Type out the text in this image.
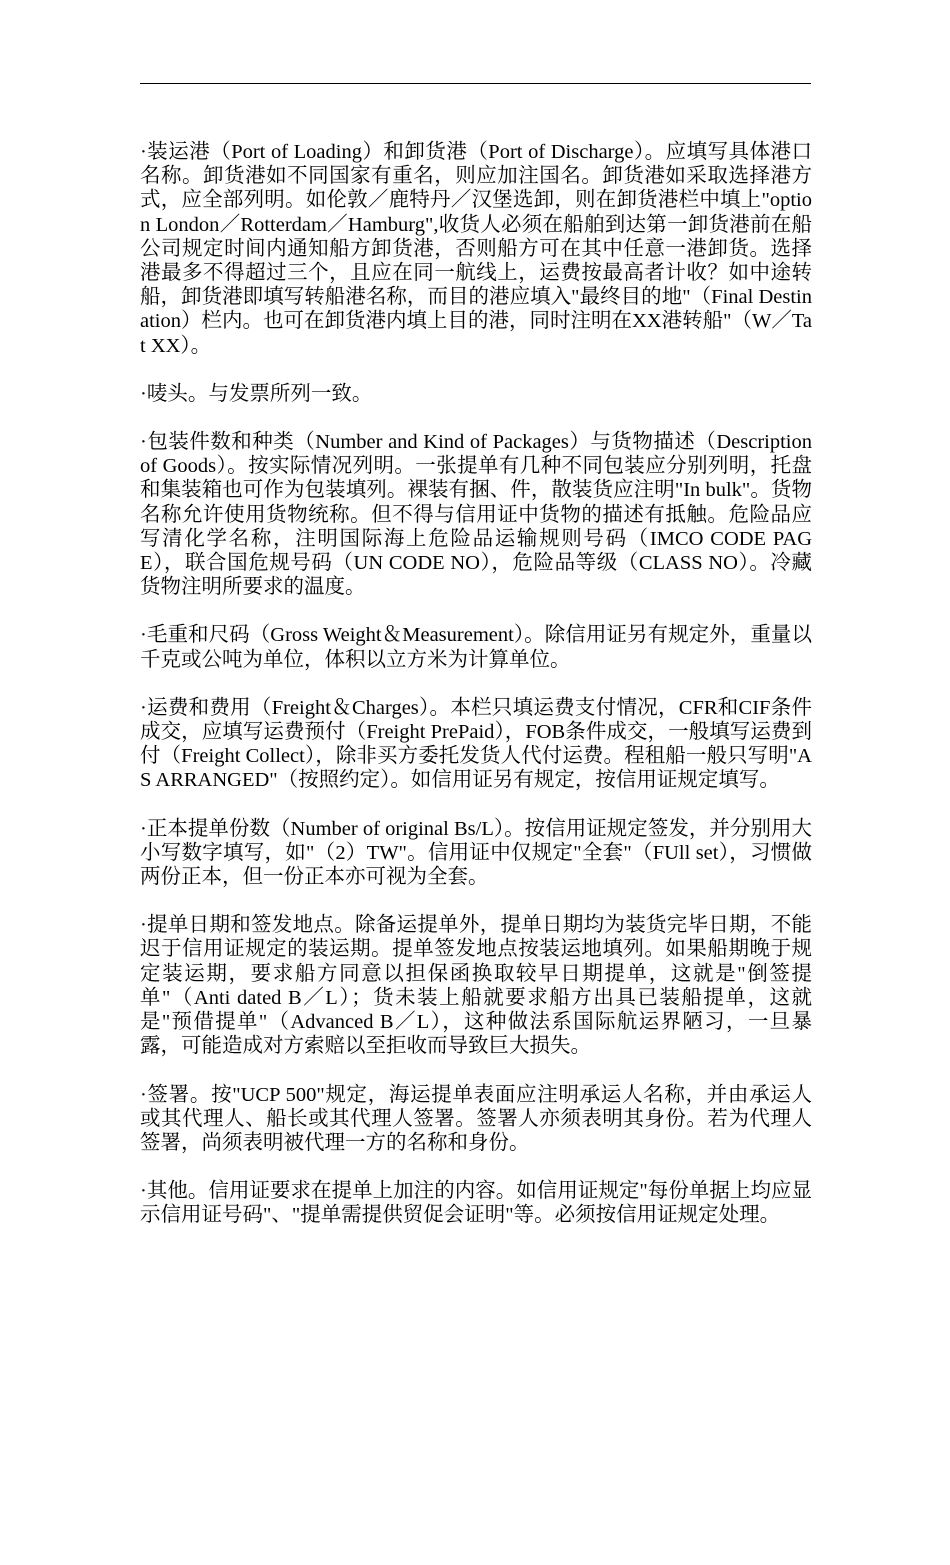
·装运港（Port of Loading）和卸货港（Port of Discharge）。应填写具体港口名称。卸货港如不同国家有重名，则应加注国名。卸货港如采取选择港方式，应全部列明。如伦敦／鹿特丹／汉堡选卸，则在卸货港栏中填上"option London／Rotterdam／Hamburg",收货人必须在船舶到达第一卸货港前在船公司规定时间内通知船方卸货港，否则船方可在其中任意一港卸货。选择港最多不得超过三个，且应在同一航线上，运费按最高者计收？如中途转船，卸货港即填写转船港名称，而目的港应填入"最终目的地"（Final Destination）栏内。也可在卸货港内填上目的港，同时注明在XX港转船"（W／Tat XX）。

·唛头。与发票所列一致。

·包装件数和种类（Number and Kind of Packages）与货物描述（Description of Goods）。按实际情况列明。一张提单有几种不同包装应分别列明，托盘和集装箱也可作为包装填列。裸装有捆、件，散装货应注明"In bulk"。货物名称允许使用货物统称。但不得与信用证中货物的描述有抵触。危险品应写清化学名称，注明国际海上危险品运输规则号码（IMCO CODE PAGE），联合国危规号码（UN CODE NO），危险品等级（CLASS NO）。冷藏货物注明所要求的温度。

·毛重和尺码（Gross Weight＆Measurement）。除信用证另有规定外，重量以千克或公吨为单位，体积以立方米为计算单位。

·运费和费用（Freight＆Charges）。本栏只填运费支付情况，CFR和CIF条件成交，应填写运费预付（Freight PrePaid），FOB条件成交，一般填写运费到付（Freight Collect），除非买方委托发货人代付运费。程租船一般只写明"AS ARRANGED"（按照约定）。如信用证另有规定，按信用证规定填写。

·正本提单份数（Number of original Bs/L）。按信用证规定签发，并分别用大小写数字填写，如"（2）TW"。信用证中仅规定"全套"（FUll set），习惯做两份正本，但一份正本亦可视为全套。

·提单日期和签发地点。除备运提单外，提单日期均为装货完毕日期，不能迟于信用证规定的装运期。提单签发地点按装运地填列。如果船期晚于规定装运期，要求船方同意以担保函换取较早日期提单，这就是"倒签提单"（Anti dated B／L）；货未装上船就要求船方出具已装船提单，这就是"预借提单"（Advanced B／L），这种做法系国际航运界陋习，一旦暴露，可能造成对方索赔以至拒收而导致巨大损失。

·签署。按"UCP 500"规定，海运提单表面应注明承运人名称，并由承运人或其代理人、船长或其代理人签署。签署人亦须表明其身份。若为代理人签署，尚须表明被代理一方的名称和身份。

·其他。信用证要求在提单上加注的内容。如信用证规定"每份单据上均应显示信用证号码"、"提单需提供贸促会证明"等。必须按信用证规定处理。
